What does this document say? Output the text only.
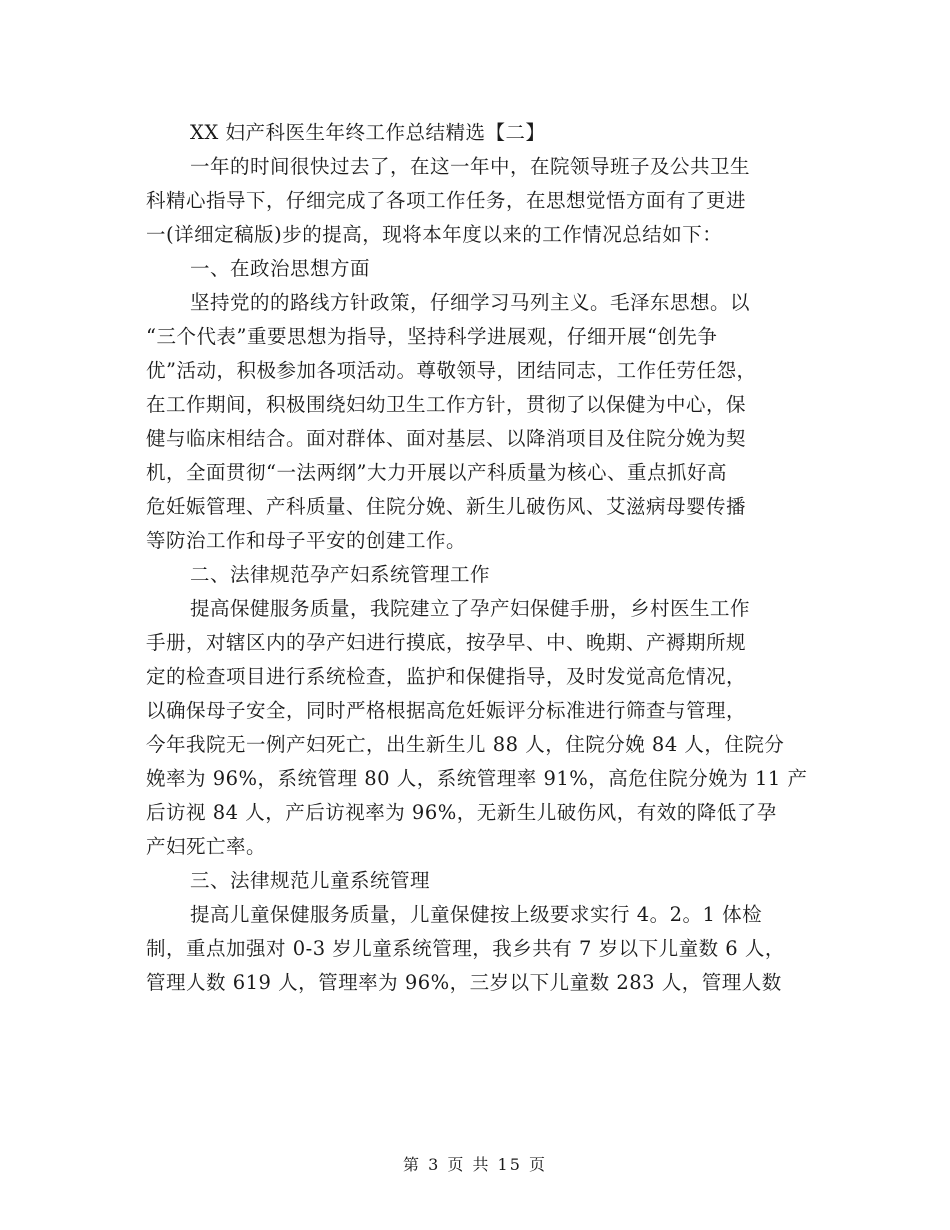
XX 妇产科医生年终工作总结精选【二】
一年的时间很快过去了，在这一年中，在院领导班子及公共卫生
科精心指导下，仔细完成了各项工作任务，在思想觉悟方面有了更进
一(详细定稿版)步的提高，现将本年度以来的工作情况总结如下：
一、在政治思想方面
坚持党的的路线方针政策，仔细学习马列主义。毛泽东思想。以
“三个代表”重要思想为指导，坚持科学进展观，仔细开展“创先争
优”活动，积极参加各项活动。尊敬领导，团结同志，工作任劳任怨，
在工作期间，积极围绕妇幼卫生工作方针，贯彻了以保健为中心，保
健与临床相结合。面对群体、面对基层、以降消项目及住院分娩为契
机，全面贯彻“一法两纲”大力开展以产科质量为核心、重点抓好高
危妊娠管理、产科质量、住院分娩、新生儿破伤风、艾滋病母婴传播
等防治工作和母子平安的创建工作。
二、法律规范孕产妇系统管理工作
提高保健服务质量，我院建立了孕产妇保健手册，乡村医生工作
手册，对辖区内的孕产妇进行摸底，按孕早、中、晚期、产褥期所规
定的检查项目进行系统检查，监护和保健指导，及时发觉高危情况，
以确保母子安全，同时严格根据高危妊娠评分标准进行筛查与管理，
今年我院无一例产妇死亡，出生新生儿 88 人，住院分娩 84 人，住院分
娩率为 96%，系统管理 80 人，系统管理率 91%，高危住院分娩为 11 产
后访视 84 人，产后访视率为 96%，无新生儿破伤风，有效的降低了孕
产妇死亡率。
三、法律规范儿童系统管理
提高儿童保健服务质量，儿童保健按上级要求实行 4。2。1 体检
制，重点加强对 0-3 岁儿童系统管理，我乡共有 7 岁以下儿童数 6 人，
管理人数 619 人，管理率为 96%，三岁以下儿童数 283 人，管理人数
第 3 页 共 15 页
